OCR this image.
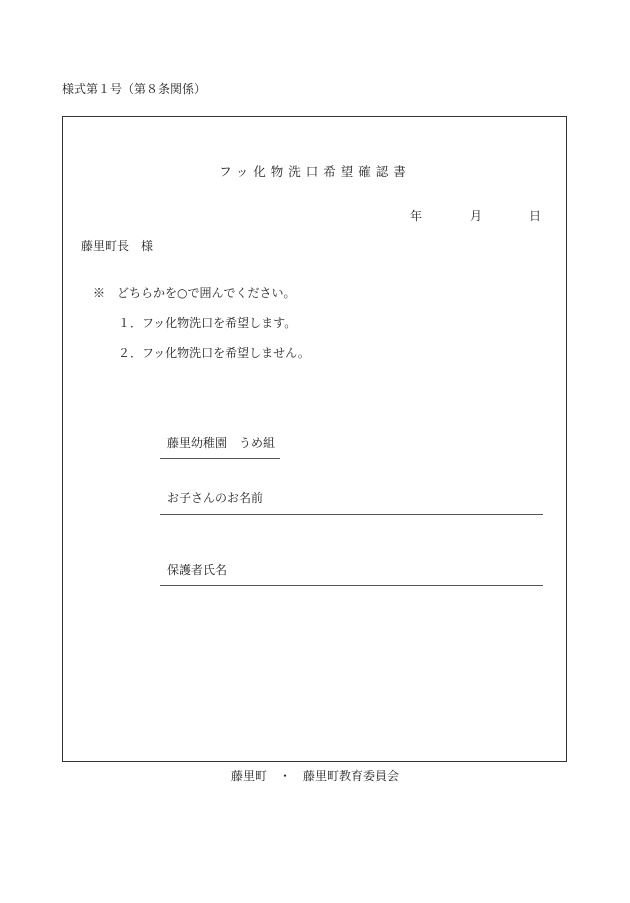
様式第１号（第８条関係）
フッ化物洗口希望確認書
年	月	日
藤里町長　様
※　どちらかを○で囲んでください。
１．フッ化物洗口を希望します。
２．フッ化物洗口を希望しません。
藤里幼稚園　うめ組
お子さんのお名前
保護者氏名
藤里町　・　藤里町教育委員会
